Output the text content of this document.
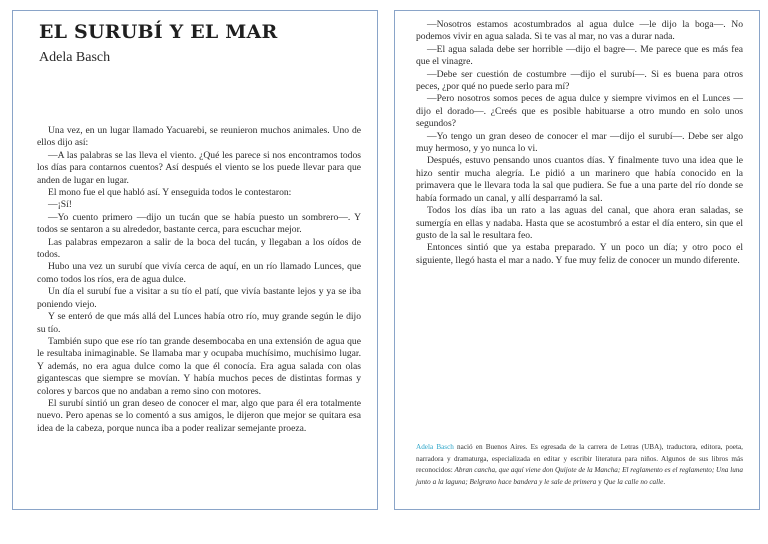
EL SURUBÍ Y EL MAR
Adela Basch

Una vez, en un lugar llamado Yacuarebi, se reunieron muchos animales. Uno de ellos dijo así:

—A las palabras se las lleva el viento. ¿Qué les parece si nos encontramos todos los días para contarnos cuentos? Así después el viento se los puede llevar para que anden de lugar en lugar.

El mono fue el que habló así. Y enseguida todos le contestaron:

—¡Sí!

—Yo cuento primero —dijo un tucán que se había puesto un sombrero—. Y todos se sentaron a su alrededor, bastante cerca, para escuchar mejor.

Las palabras empezaron a salir de la boca del tucán, y llegaban a los oídos de todos.

Hubo una vez un surubí que vivía cerca de aquí, en un río llamado Lunces, que como todos los ríos, era de agua dulce.

Un día el surubí fue a visitar a su tío el patí, que vivía bastante lejos y ya se iba poniendo viejo.

Y se enteró de que más allá del Lunces había otro río, muy grande según le dijo su tío.

También supo que ese río tan grande desembocaba en una extensión de agua que le resultaba inimaginable. Se llamaba mar y ocupaba muchísimo, muchísimo lugar. Y además, no era agua dulce como la que él conocía. Era agua salada con olas gigantescas que siempre se movían. Y había muchos peces de distintas formas y colores y barcos que no andaban a remo sino con motores.

El surubí sintió un gran deseo de conocer el mar, algo que para él era totalmente nuevo. Pero apenas se lo comentó a sus amigos, le dijeron que mejor se quitara esa idea de la cabeza, porque nunca iba a poder realizar semejante proeza.

—Nosotros estamos acostumbrados al agua dulce —le dijo la boga—. No podemos vivir en agua salada. Si te vas al mar, no vas a durar nada.

—El agua salada debe ser horrible —dijo el bagre—. Me parece que es más fea que el vinagre.

—Debe ser cuestión de costumbre —dijo el surubí—. Si es buena para otros peces, ¿por qué no puede serlo para mí?

—Pero nosotros somos peces de agua dulce y siempre vivimos en el Lunces —dijo el dorado—. ¿Creés que es posible habituarse a otro mundo en solo unos segundos?

—Yo tengo un gran deseo de conocer el mar —dijo el surubí—. Debe ser algo muy hermoso, y yo nunca lo vi.

Después, estuvo pensando unos cuantos días. Y finalmente tuvo una idea que le hizo sentir mucha alegría. Le pidió a un marinero que había conocido en la primavera que le llevara toda la sal que pudiera. Se fue a una parte del río donde se había formado un canal, y allí desparramó la sal.

Todos los días iba un rato a las aguas del canal, que ahora eran saladas, se sumergía en ellas y nadaba. Hasta que se acostumbró a estar el día entero, sin que el gusto de la sal le resultara feo.

Entonces sintió que ya estaba preparado. Y un poco un día; y otro poco el siguiente, llegó hasta el mar a nado. Y fue muy feliz de conocer un mundo diferente.

Adela Basch nació en Buenos Aires. Es egresada de la carrera de Letras (UBA), traductora, editora, poeta, narradora y dramaturga, especializada en editar y escribir literatura para niños. Algunos de sus libros más reconocidos: Abran cancha, que aquí viene don Quijote de la Mancha; El reglamento es el reglamento; Una luna junto a la laguna; Belgrano hace bandera y le sale de primera y Que la calle no calle.
